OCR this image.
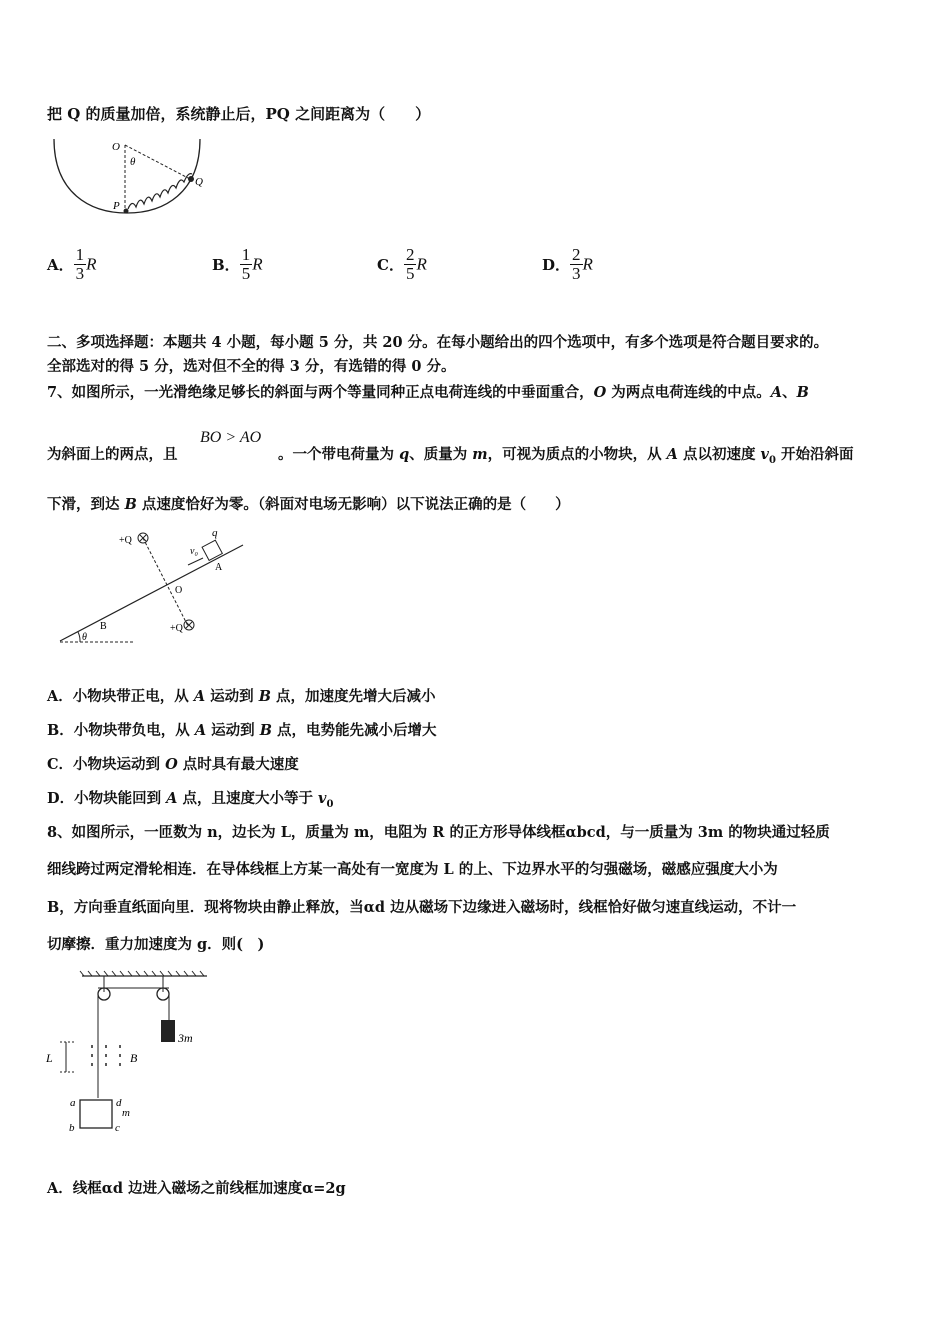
把 Q 的质量加倍，系统静止后，PQ 之间距离为（　　）
O
θ
Q
P
A． $\frac{1}{3}$ R	B． $\frac{1}{5}$ R	C． $\frac{2}{5}$ R	D． $\frac{2}{3}$ R
二、多项选择题：本题共 4 小题，每小题 5 分，共 20 分。在每小题给出的四个选项中，有多个选项是符合题目要求的。
全部选对的得 5 分，选对但不全的得 3 分，有选错的得 0 分。
7、如图所示，一光滑绝缘足够长的斜面与两个等量同种正点电荷连线的中垂面重合，O 为两点电荷连线的中点。A、B
BO > AO
为斜面上的两点，且	。一个带电荷量为 q、质量为 m，可视为质点的小物块，从 A 点以初速度 $v_0$ 开始沿斜面
下滑，到达 B 点速度恰好为零。（斜面对电场无影响）以下说法正确的是（　　）
+Q
+Q
q
v₀
A
O
B
θ
A．小物块带正电，从 A 运动到 B 点，加速度先增大后减小
B．小物块带负电，从 A 运动到 B 点，电势能先减小后增大
C．小物块运动到 O 点时具有最大速度
D．小物块能回到 A 点，且速度大小等于 $v_0$
8、如图所示，一匝数为 n，边长为 L，质量为 m，电阻为 R 的正方形导体线框αbcd，与一质量为 3m 的物块通过轻质
细线跨过两定滑轮相连．在导体线框上方某一高处有一宽度为 L 的上、下边界水平的匀强磁场，磁感应强度大小为
B，方向垂直纸面向里．现将物块由静止释放，当αd 边从磁场下边缘进入磁场时，线框恰好做匀速直线运动，不计一
切摩擦．重力加速度为 g．则(　)
3m
L	B
a
b	c
d
m
A．线框αd 边进入磁场之前线框加速度α=2g
